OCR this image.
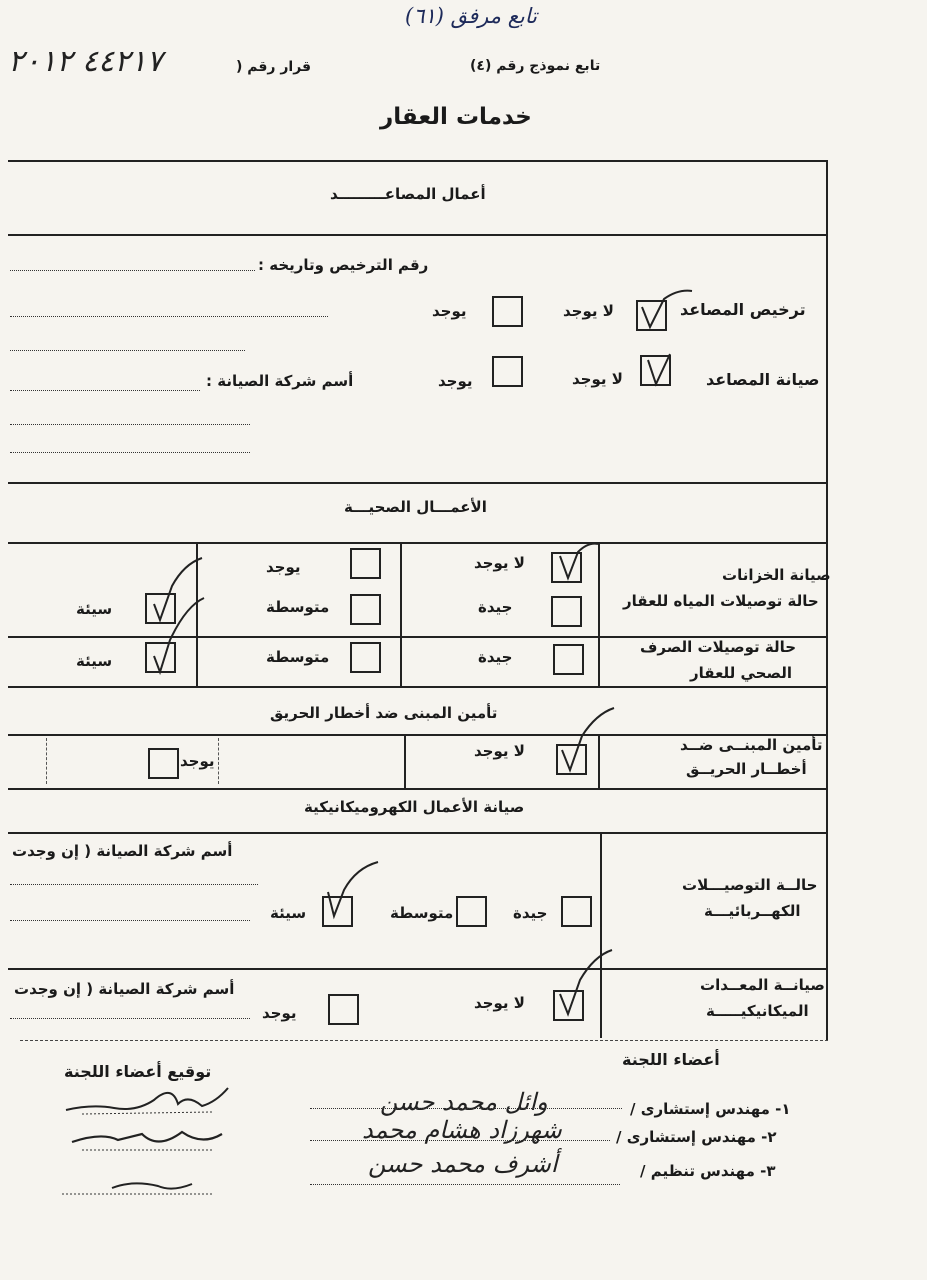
تابع مرفق (٦١)
تابع نموذج رقم (٤)
قرار رقم (
٤٤٢١٧ ٢٠١٢
خدمات العقار
أعمال المصاعـــــــــد
رقم الترخيص وتاريخه :
ترخيص المصاعد
لا يوجد
يوجد
صيانة المصاعد
لا يوجد
يوجد
أسم شركة الصيانة :
الأعمـــال الصحيـــة
صيانة الخزانات
حالة توصيلات المياه للعقار
لا يوجد
يوجد
جيدة
متوسطة
سيئة
حالة توصيلات الصرف
الصحي للعقار
جيدة
متوسطة
سيئة
تأمين المبنى ضد أخطار الحريق
تأمين المبنــى ضــد
أخطــار الحريــق
لا يوجد
يوجد
صيانة الأعمال الكهروميكانيكية
أسم شركة الصيانة ( إن وجدت
حالــة التوصيـــلات
الكهــربائيـــة
جيدة
متوسطة
سيئة
صيانــة المعــدات
الميكانيكيـــــة
لا يوجد
يوجد
أسم شركة الصيانة ( إن وجدت
أعضاء اللجنة
توقيع أعضاء اللجنة
١- مهندس إستشارى /
وائل محمد حسن
٢- مهندس إستشارى /
شهرزاد هشام محمد
٣- مهندس تنظيم /
أشرف محمد حسن
